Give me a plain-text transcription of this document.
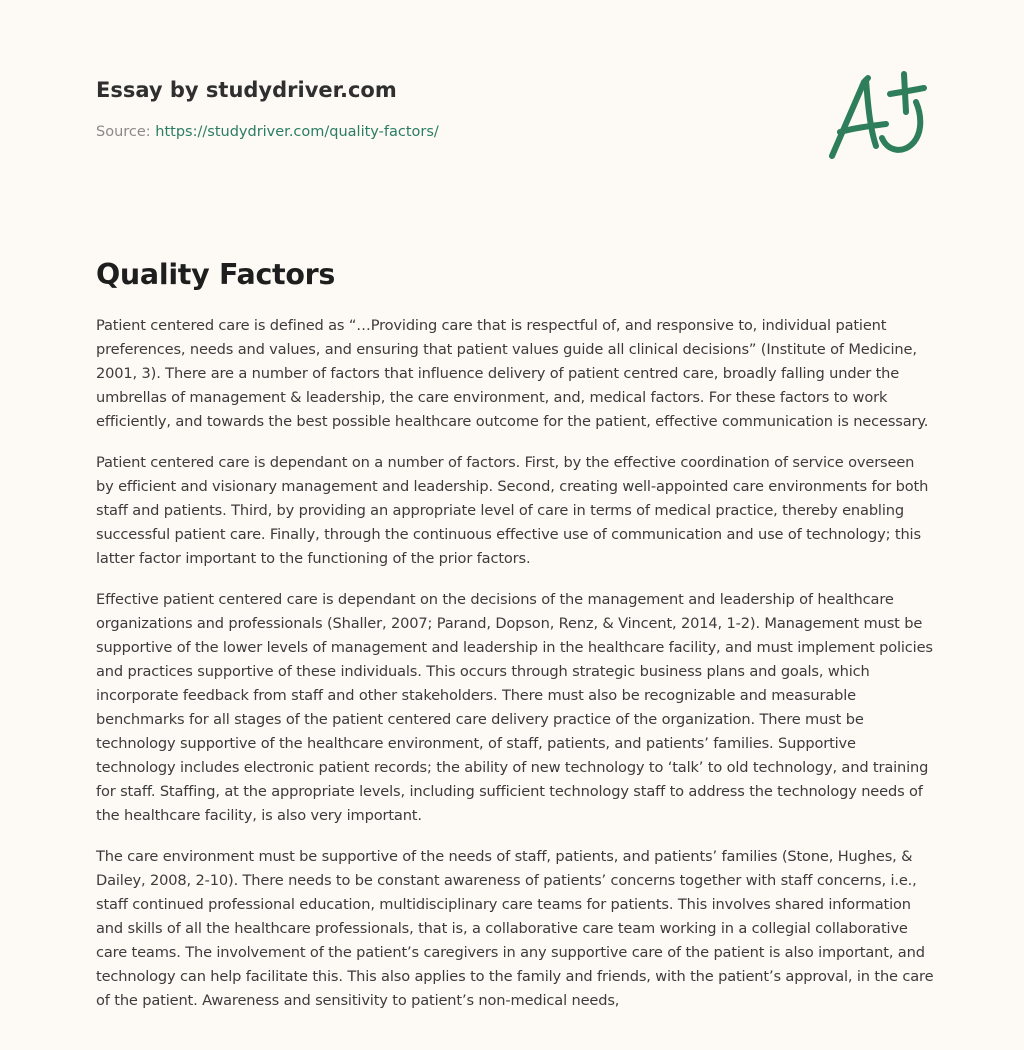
Essay by studydriver.com
Source: https://studydriver.com/quality-factors/
Quality Factors

Patient centered care is defined as “…Providing care that is respectful of, and responsive to, individual patient preferences, needs and values, and ensuring that patient values guide all clinical decisions” (Institute of Medicine, 2001, 3). There are a number of factors that influence delivery of patient centred care, broadly falling under the umbrellas of management & leadership, the care environment, and, medical factors. For these factors to work efficiently, and towards the best possible healthcare outcome for the patient, effective communication is necessary.

Patient centered care is dependant on a number of factors. First, by the effective coordination of service overseen by efficient and visionary management and leadership. Second, creating well-appointed care environments for both staff and patients. Third, by providing an appropriate level of care in terms of medical practice, thereby enabling successful patient care. Finally, through the continuous effective use of communication and use of technology; this latter factor important to the functioning of the prior factors.

Effective patient centered care is dependant on the decisions of the management and leadership of healthcare organizations and professionals (Shaller, 2007; Parand, Dopson, Renz, & Vincent, 2014, 1-2). Management must be supportive of the lower levels of management and leadership in the healthcare facility, and must implement policies and practices supportive of these individuals. This occurs through strategic business plans and goals, which incorporate feedback from staff and other stakeholders. There must also be recognizable and measurable benchmarks for all stages of the patient centered care delivery practice of the organization. There must be technology supportive of the healthcare environment, of staff, patients, and patients’ families. Supportive technology includes electronic patient records; the ability of new technology to ‘talk’ to old technology, and training for staff. Staffing, at the appropriate levels, including sufficient technology staff to address the technology needs of the healthcare facility, is also very important.

The care environment must be supportive of the needs of staff, patients, and patients’ families (Stone, Hughes, & Dailey, 2008, 2-10). There needs to be constant awareness of patients’ concerns together with staff concerns, i.e., staff continued professional education, multidisciplinary care teams for patients. This involves shared information and skills of all the healthcare professionals, that is, a collaborative care team working in a collegial collaborative care teams. The involvement of the patient’s caregivers in any supportive care of the patient is also important, and technology can help facilitate this. This also applies to the family and friends, with the patient’s approval, in the care of the patient. Awareness and sensitivity to patient’s non-medical needs,
